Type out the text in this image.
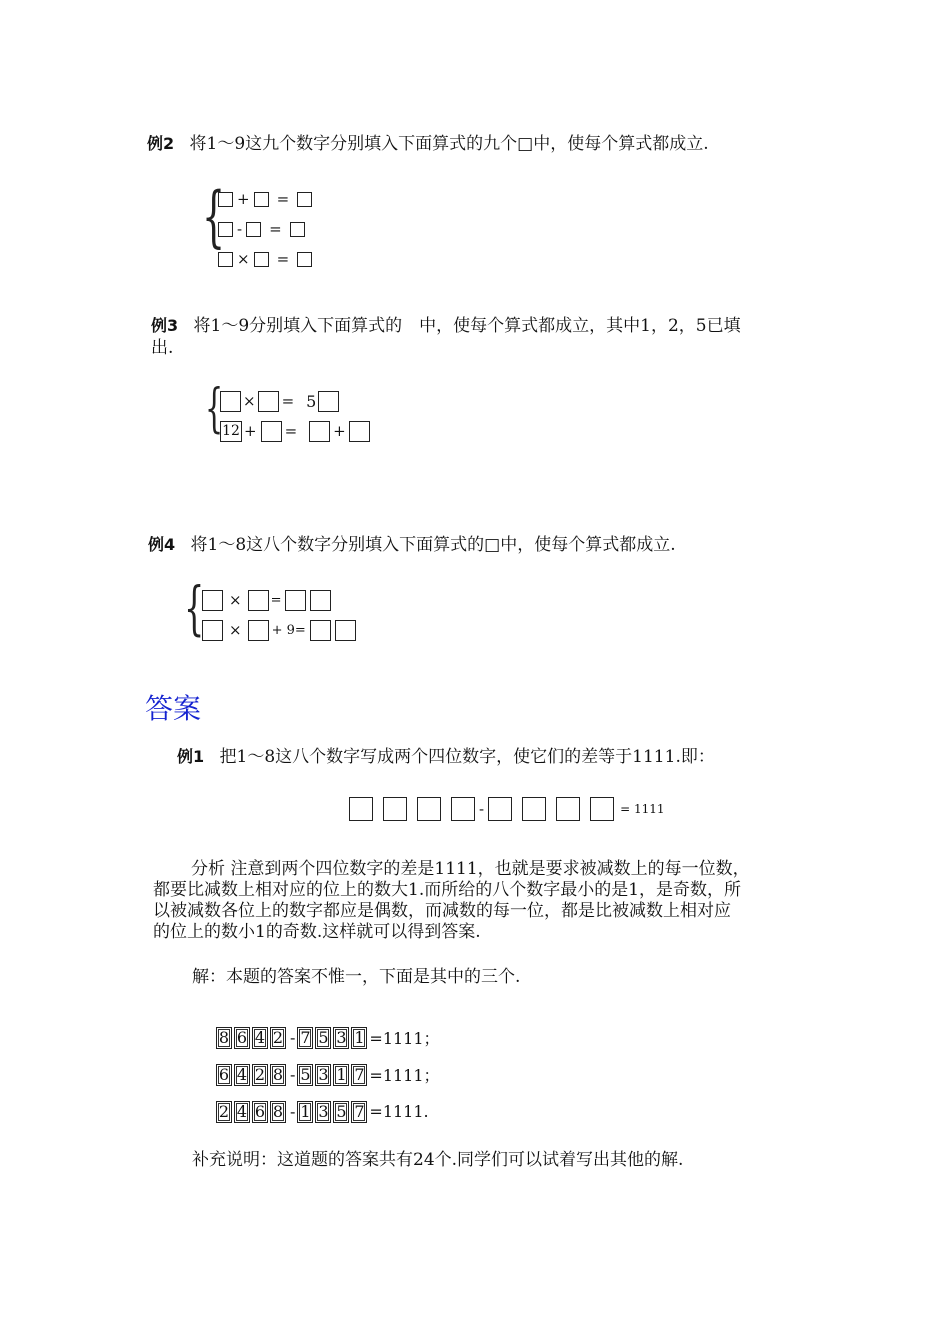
例2 将1～9这九个数字分别填入下面算式的九个□中，使每个算式都成立.
{ + =
- =
× =
例3 将1～9分别填入下面算式的　中，使每个算式都成立，其中1，2，5已填
出.
{ × = 5
12 + = +
例4 将1～8这八个数字分别填入下面算式的□中，使每个算式都成立.
{ × =
× + 9=
答案
例1 把1～8这八个数字写成两个四位数字，使它们的差等于1111.即：
-	= 1111
分析 注意到两个四位数字的差是1111，也就是要求被减数上的每一位数，
都要比减数上相对应的位上的数大1.而所给的八个数字最小的是1，是奇数，所
以被减数各位上的数字都应是偶数，而减数的每一位，都是比被减数上相对应
的位上的数小1的奇数.这样就可以得到答案.
解：本题的答案不惟一，下面是其中的三个.
8 6 4 2 - 7 5 3 1 =1111；
6 4 2 8 - 5 3 1 7 =1111；
2 4 6 8 - 1 3 5 7 =1111.
补充说明：这道题的答案共有24个.同学们可以试着写出其他的解.
